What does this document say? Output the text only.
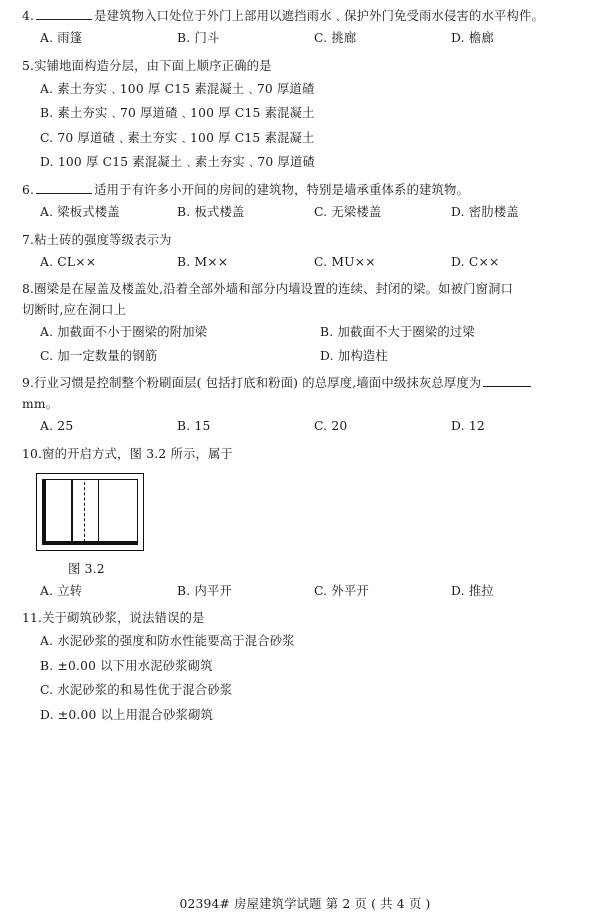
4.	是建筑物入口处位于外门上部用以遮挡雨水﹑保护外门免受雨水侵害的水平构件。
A. 雨篷	B. 门斗	C. 挑廊	D. 檐廊
5.实铺地面构造分层，由下面上顺序正确的是
A. 素土夯实﹑100 厚 C15 素混凝土﹑70 厚道碴
B. 素土夯实﹑70 厚道碴﹑100 厚 C15 素混凝土
C. 70 厚道碴﹑素土夯实﹑100 厚 C15 素混凝土
D. 100 厚 C15 素混凝土﹑素土夯实﹑70 厚道碴
6.	适用于有许多小开间的房间的建筑物，特别是墙承重体系的建筑物。
A. 梁板式楼盖	B. 板式楼盖	C. 无梁楼盖	D. 密肋楼盖
7.粘土砖的强度等级表示为
A. CL××	B. M××	C. MU××	D. C××
8.圈梁是在屋盖及楼盖处,沿着全部外墙和部分内墙设置的连续、封闭的梁。如被门窗洞口
切断时,应在洞口上
A. 加截面不小于圈梁的附加梁	B. 加截面不大于圈梁的过梁
C. 加一定数量的钢筋	D. 加构造柱
9.行业习惯是控制整个粉刷面层( 包括打底和粉面) 的总厚度,墙面中级抹灰总厚度为
mm。
A. 25	B. 15	C. 20	D. 12
10.窗的开启方式，图 3.2 所示，属于
图 3.2
A. 立转	B. 内平开	C. 外平开	D. 推拉
11.关于砌筑砂浆，说法错误的是
A. 水泥砂浆的强度和防水性能要高于混合砂浆
B. ±0.00 以下用水泥砂浆砌筑
C. 水泥砂浆的和易性优于混合砂浆
D. ±0.00 以上用混合砂浆砌筑
02394# 房屋建筑学试题 第 2 页 ( 共 4 页 )
